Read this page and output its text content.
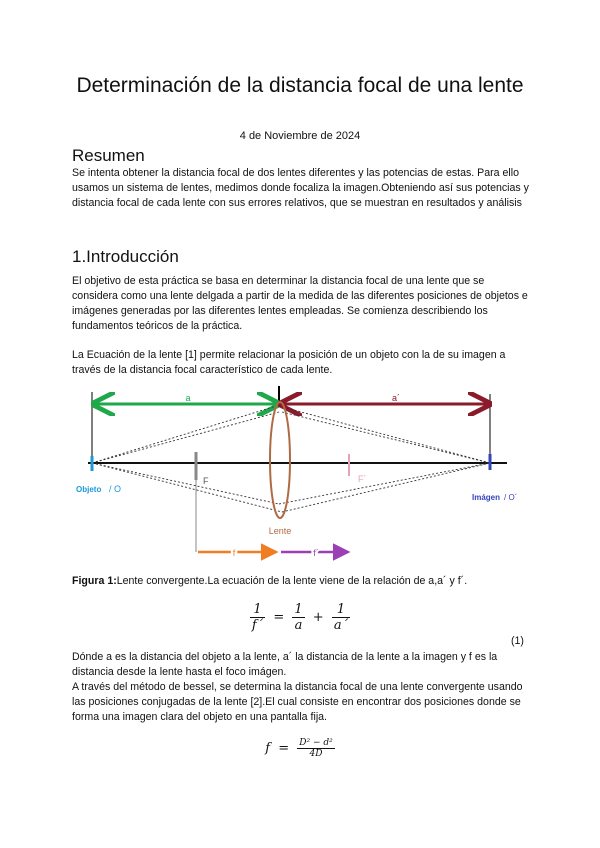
Determinación de la distancia focal de una lente
4 de Noviembre de 2024
Resumen

Se intenta obtener la distancia focal de dos lentes diferentes y las potencias de estas. Para ello usamos un sistema de lentes, medimos donde focaliza la imagen.Obteniendo así sus potencias y distancia focal de cada lente con sus errores relativos, que se muestran en resultados y análisis

1.Introducción

El objetivo de esta práctica se basa en determinar la distancia focal de una lente que se considera como una lente delgada a partir de la medida de las diferentes posiciones de objetos e imágenes generadas por las diferentes lentes empleadas. Se comienza describiendo los fundamentos teóricos de la práctica.

La Ecuación de la lente [1] permite relacionar la posición de un objeto con la de su imagen a través de la distancia focal característico de cada lente.

a	a´
Lente
Objeto / O
Imágen / O´
F	F´
f	f´
Figura 1:Lente convergente.La ecuación de la lente viene de la relación de a,a´ y f´.
$\frac{1}{f´} = \frac{1}{a} + \frac{1}{a´}$
(1)

Dónde a es la distancia del objeto a la lente, a´ la distancia de la lente a la imagen y f es la distancia desde la lente hasta el foco imágen.

A través del método de bessel, se determina la distancia focal de una lente convergente usando las posiciones conjugadas de la lente [2].El cual consiste en encontrar dos posiciones donde se forma una imagen clara del objeto en una pantalla fija.

$f = \frac{\text{D² − d²}}{4D}$
